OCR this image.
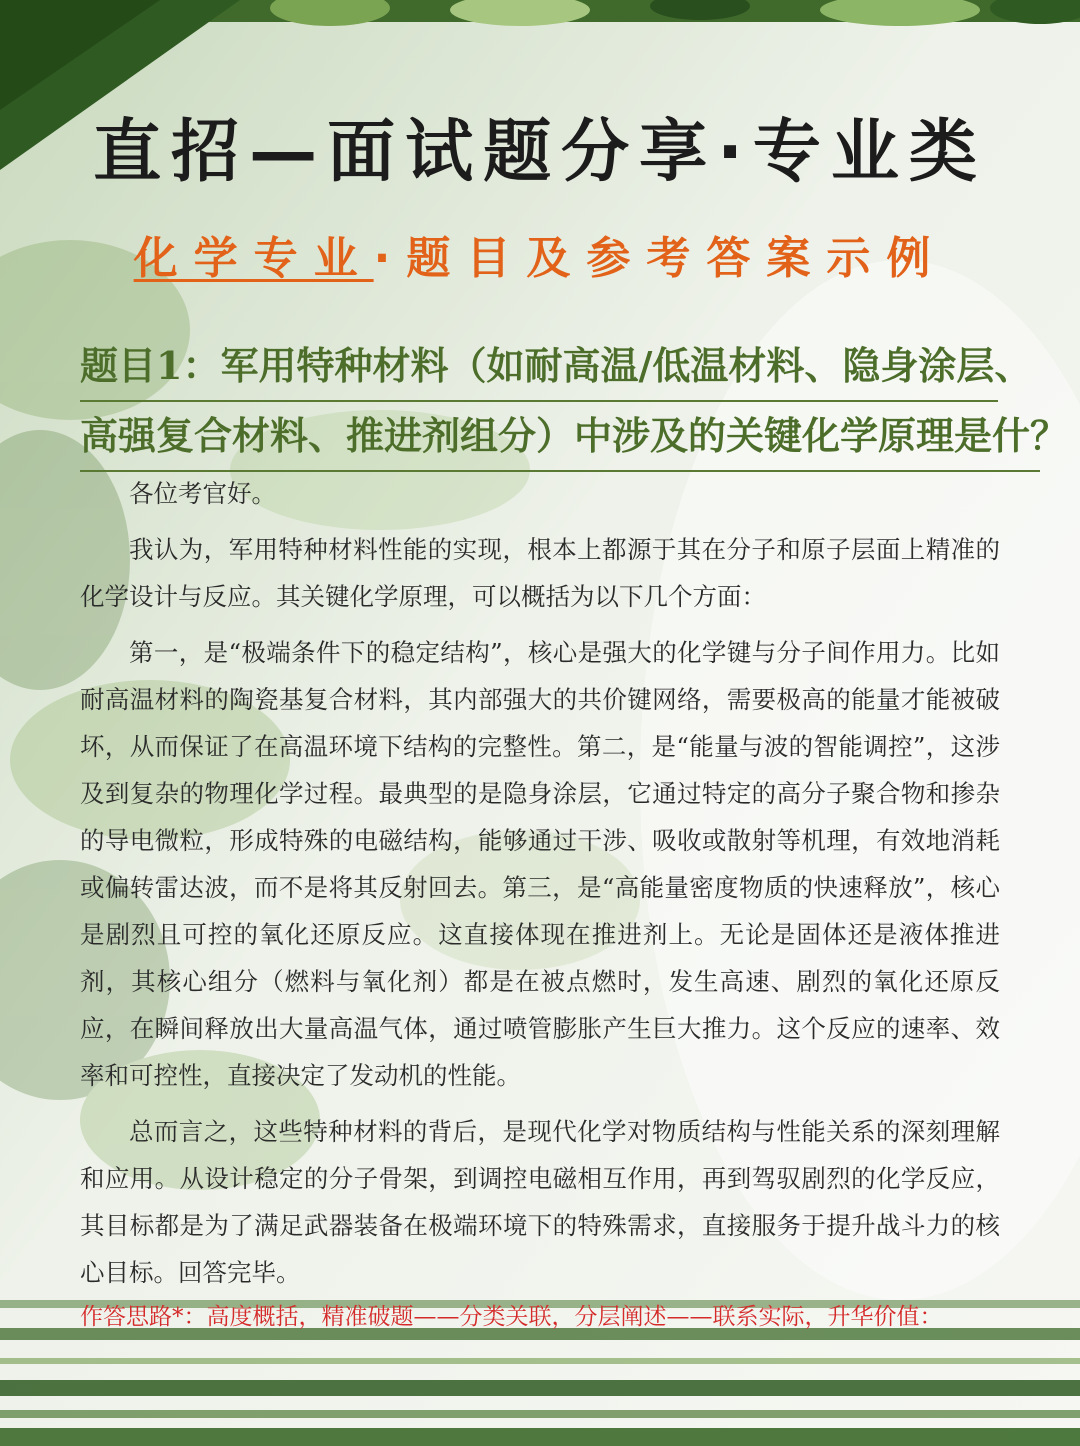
直招—面试题分享·专业类
化学专业·题目及参考答案示例
题目1：军用特种材料（如耐高温/低温材料、隐身涂层、
高强复合材料、推进剂组分）中涉及的关键化学原理是什？

各位考官好。

我认为，军用特种材料性能的实现，根本上都源于其在分子和原子层面上精准的化学设计与反应。其关键化学原理，可以概括为以下几个方面：

第一，是“极端条件下的稳定结构”，核心是强大的化学键与分子间作用力。比如耐高温材料的陶瓷基复合材料，其内部强大的共价键网络，需要极高的能量才能被破坏，从而保证了在高温环境下结构的完整性。第二，是“能量与波的智能调控”，这涉及到复杂的物理化学过程。最典型的是隐身涂层，它通过特定的高分子聚合物和掺杂的导电微粒，形成特殊的电磁结构，能够通过干涉、吸收或散射等机理，有效地消耗或偏转雷达波，而不是将其反射回去。第三，是“高能量密度物质的快速释放”，核心是剧烈且可控的氧化还原反应。这直接体现在推进剂上。无论是固体还是液体推进剂，其核心组分（燃料与氧化剂）都是在被点燃时，发生高速、剧烈的氧化还原反应，在瞬间释放出大量高温气体，通过喷管膨胀产生巨大推力。这个反应的速率、效率和可控性，直接决定了发动机的性能。

总而言之，这些特种材料的背后，是现代化学对物质结构与性能关系的深刻理解和应用。从设计稳定的分子骨架，到调控电磁相互作用，再到驾驭剧烈的化学反应，其目标都是为了满足武器装备在极端环境下的特殊需求，直接服务于提升战斗力的核心目标。回答完毕。

作答思路*：高度概括，精准破题——分类关联，分层阐述——联系实际，升华价值：
